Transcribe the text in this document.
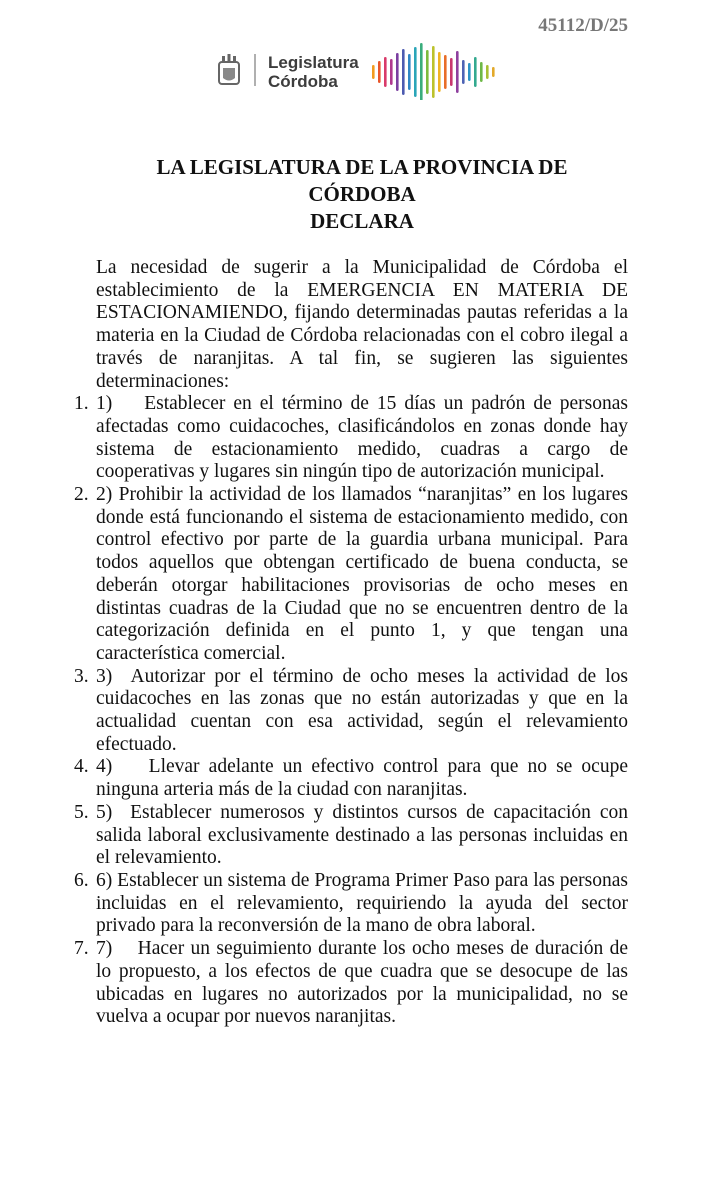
45112/D/25
Legislatura
Córdoba
LA LEGISLATURA DE LA PROVINCIA DE
CÓRDOBA
DECLARA
La necesidad de sugerir a la Municipalidad de Córdoba el establecimiento de la EMERGENCIA EN MATERIA DE ESTACIONAMIENDO, fijando determinadas pautas referidas a la materia en la Ciudad de Córdoba relacionadas con el cobro ilegal a través de naranjitas. A tal fin, se sugieren las siguientes determinaciones:
1. 1) Establecer en el término de 15 días un padrón de personas afectadas como cuidacoches, clasificándolos en zonas donde hay sistema de estacionamiento medido, cuadras a cargo de cooperativas y lugares sin ningún tipo de autorización municipal.
2. 2) Prohibir la actividad de los llamados “naranjitas” en los lugares donde está funcionando el sistema de estacionamiento medido, con control efectivo por parte de la guardia urbana municipal. Para todos aquellos que obtengan certificado de buena conducta, se deberán otorgar habilitaciones provisorias de ocho meses en distintas cuadras de la Ciudad que no se encuentren dentro de la categorización definida en el punto 1, y que tengan una característica comercial.
3. 3) Autorizar por el término de ocho meses la actividad de los cuidacoches en las zonas que no están autorizadas y que en la actualidad cuentan con esa actividad, según el relevamiento efectuado.
4. 4) Llevar adelante un efectivo control para que no se ocupe ninguna arteria más de la ciudad con naranjitas.
5. 5) Establecer numerosos y distintos cursos de capacitación con salida laboral exclusivamente destinado a las personas incluidas en el relevamiento.
6. 6) Establecer un sistema de Programa Primer Paso para las personas incluidas en el relevamiento, requiriendo la ayuda del sector privado para la reconversión de la mano de obra laboral.
7. 7) Hacer un seguimiento durante los ocho meses de duración de lo propuesto, a los efectos de que cuadra que se desocupe de las ubicadas en lugares no autorizados por la municipalidad, no se vuelva a ocupar por nuevos naranjitas.
